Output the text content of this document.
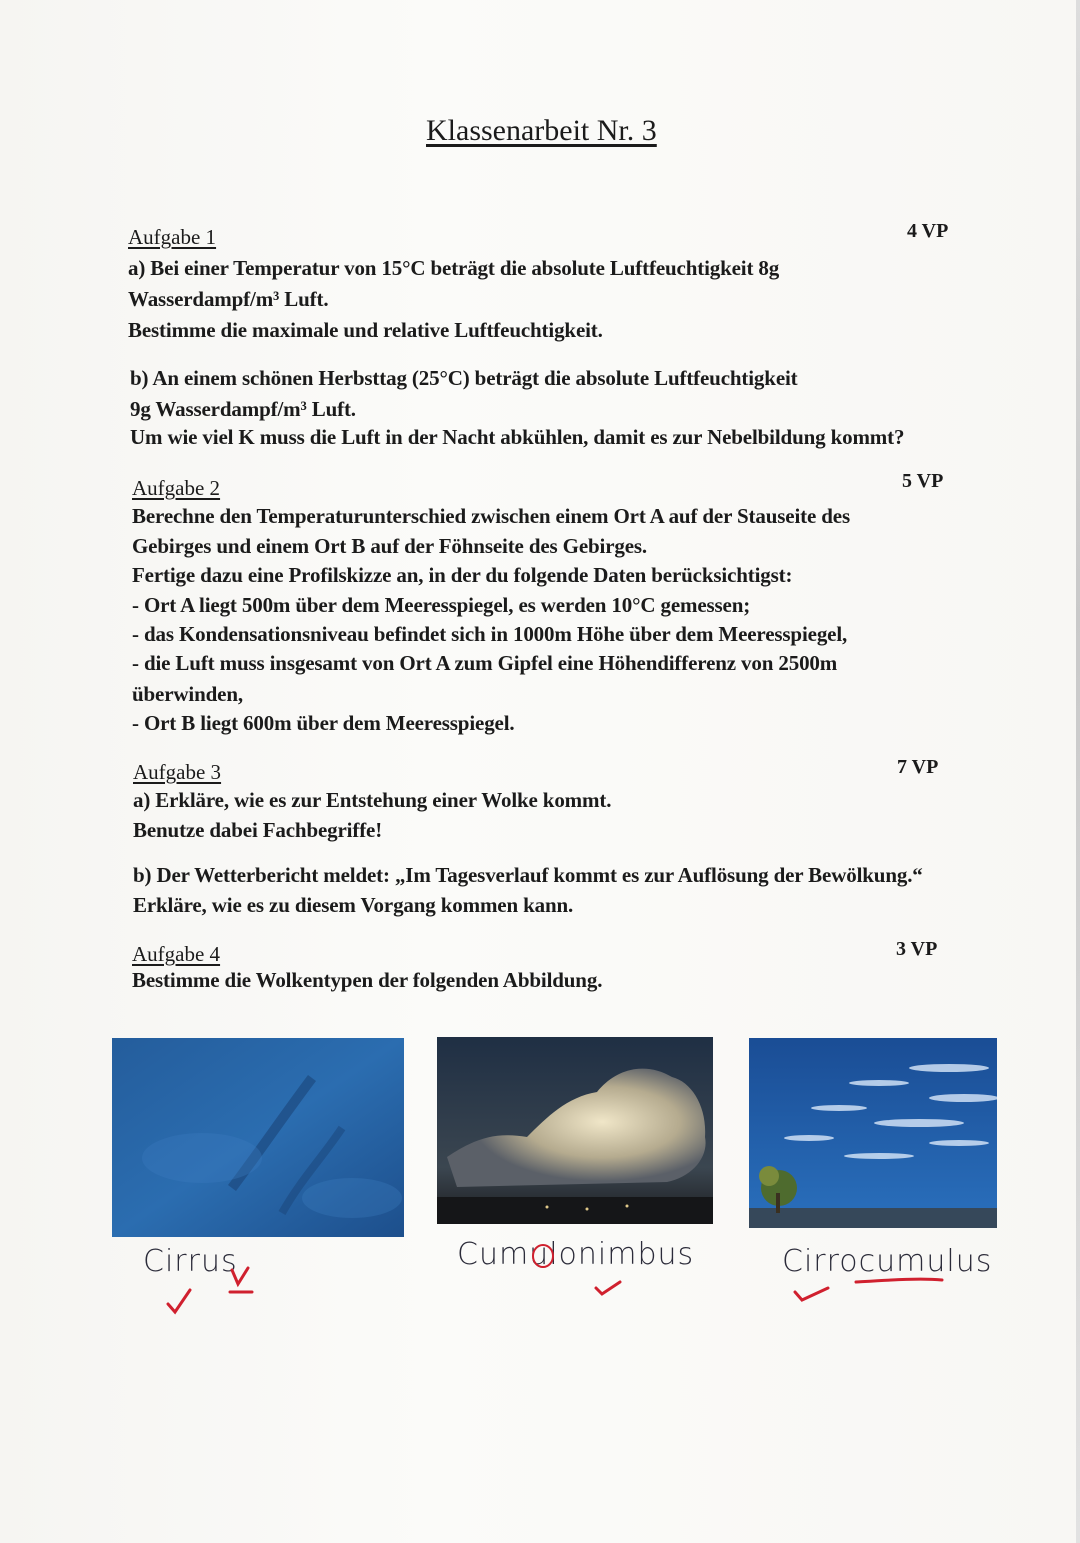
Klassenarbeit Nr. 3
Aufgabe 1	4 VP
a) Bei einer Temperatur von 15°C beträgt die absolute Luftfeuchtigkeit 8g
Wasserdampf/m³ Luft.
Bestimme die maximale und relative Luftfeuchtigkeit.
b) An einem schönen Herbsttag (25°C) beträgt die absolute Luftfeuchtigkeit
9g Wasserdampf/m³ Luft.
Um wie viel K muss die Luft in der Nacht abkühlen, damit es zur Nebelbildung kommt?
Aufgabe 2	5 VP
Berechne den Temperaturunterschied zwischen einem Ort A auf der Stauseite des
Gebirges und einem Ort B auf der Föhnseite des Gebirges.
Fertige dazu eine Profilskizze an, in der du folgende Daten berücksichtigst:
- Ort A liegt 500m über dem Meeresspiegel, es werden 10°C gemessen;
- das Kondensationsniveau befindet sich in 1000m Höhe über dem Meeresspiegel,
- die Luft muss insgesamt von Ort A zum Gipfel eine Höhendifferenz von 2500m
überwinden,
- Ort B liegt 600m über dem Meeresspiegel.
Aufgabe 3	7 VP
a) Erkläre, wie es zur Entstehung einer Wolke kommt.
Benutze dabei Fachbegriffe!
b) Der Wetterbericht meldet: „Im Tagesverlauf kommt es zur Auflösung der Bewölkung.“
Erkläre, wie es zu diesem Vorgang kommen kann.
Aufgabe 4	3 VP
Bestimme die Wolkentypen der folgenden Abbildung.
Cirrus	Cumulonimbus	Cirrocumulus
